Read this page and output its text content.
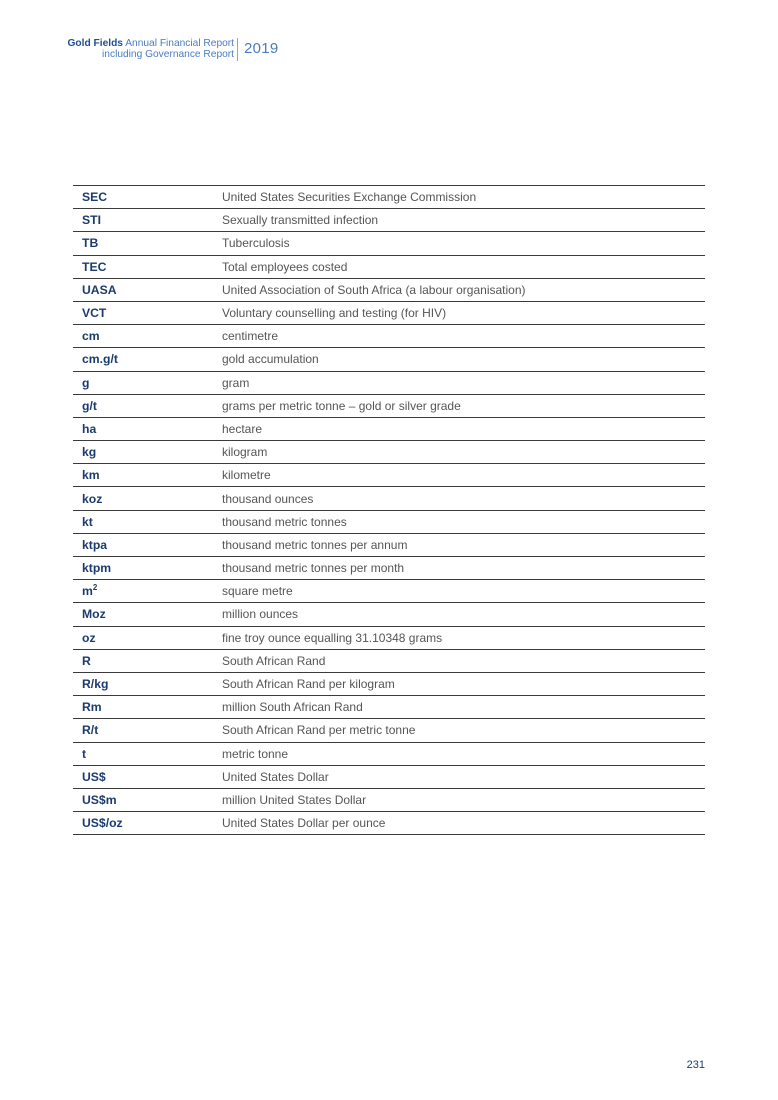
Gold Fields Annual Financial Report
including Governance Report 2019
SEC	United States Securities Exchange Commission
STI	Sexually transmitted infection
TB	Tuberculosis
TEC	Total employees costed
UASA	United Association of South Africa (a labour organisation)
VCT	Voluntary counselling and testing (for HIV)
cm	centimetre
cm.g/t	gold accumulation
g	gram
g/t	grams per metric tonne – gold or silver grade
ha	hectare
kg	kilogram
km	kilometre
koz	thousand ounces
kt	thousand metric tonnes
ktpa	thousand metric tonnes per annum
ktpm	thousand metric tonnes per month
$m^2$	square metre
Moz	million ounces
oz	fine troy ounce equalling 31.10348 grams
R	South African Rand
R/kg	South African Rand per kilogram
Rm	million South African Rand
R/t	South African Rand per metric tonne
t	metric tonne
US$	United States Dollar
US$m	million United States Dollar
US$/oz	United States Dollar per ounce
231
